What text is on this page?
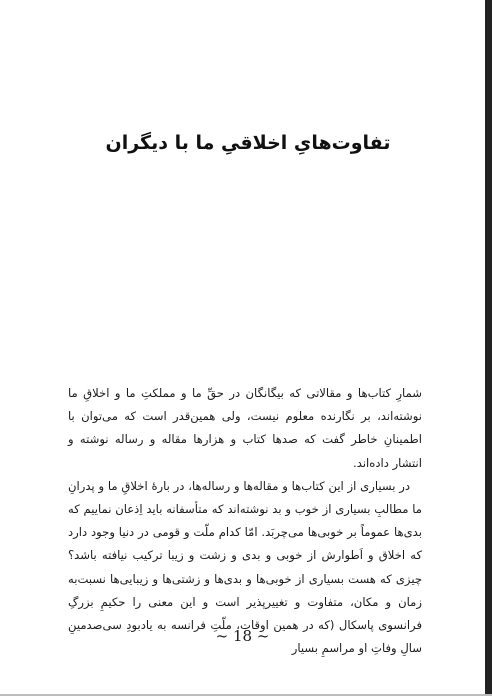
تفاوت‌هایِ اخلاقیِ ما با دیگران

شمارِ کتاب‌ها و مقالاتی که بیگانگان در حقِّ ما و مملکتِ ما و اخلاقِ ما نوشته‌اند، بر نگارنده معلوم نیست، ولی همین‌قدر است که می‌توان با اطمینانِ خاطر گفت که صدها کتاب و هزارها مقاله و رساله نوشته و انتشار داده‌اند.

در بسیاری از این کتاب‌ها و مقاله‌ها و رساله‌ها، در بارهٔ اخلاقِ ما و پدرانِ ما مطالبِ بسیاری از خوب و بد نوشته‌اند که متأسفانه باید اِذعان نماییم که بدی‌ها عموماً بر خوبی‌ها می‌چربَد. امّا کدام ملّت و قومی در دنیا وجود دارد که اخلاق و اَطوارش از خوبی و بدی و زشت و زیبا ترکیب نیافته باشد؟ چیزی که هست بسیاری از خوبی‌ها و بدی‌ها و زشتی‌ها و زیبایی‌ها نسبت‌به زمان و مکان، متفاوت و تغییرپذیر است و این معنی را حکیمِ بزرگِ فرانسوی پاسکال (که در همین اوقات، ملّتِ فرانسه به یادبودِ سی‌صدمینِ سالِ وفاتِ او مراسمِ بسیار

~ 18 ~
